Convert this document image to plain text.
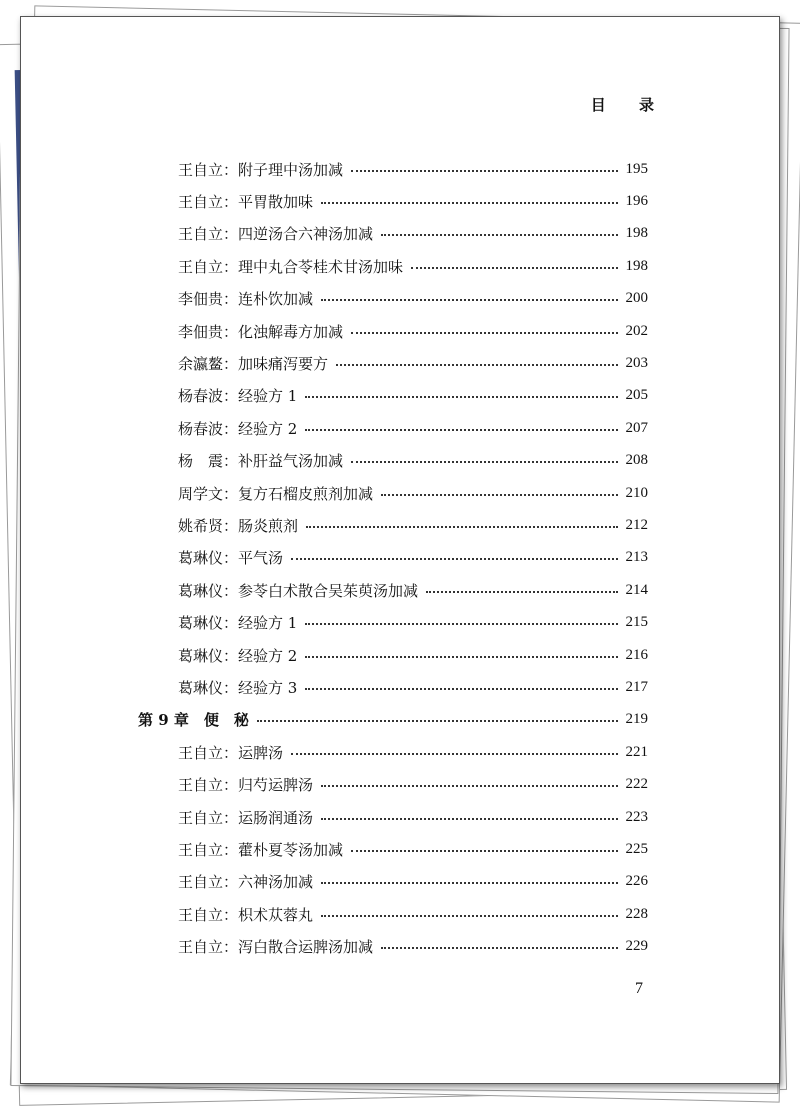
目 录
王自立 ： 附子理中汤加减	195
王自立 ： 平胃散加味	196
王自立 ： 四逆汤合六神汤加减	198
王自立 ： 理中丸合苓桂术甘汤加味	198
李佃贵 ： 连朴饮加减	200
李佃贵 ： 化浊解毒方加减	202
余瀛鳌 ： 加味痛泻要方	203
杨春波 ： 经验方 1	205
杨春波 ： 经验方 2	207
杨　震 ： 补肝益气汤加减	208
周学文 ： 复方石榴皮煎剂加减	210
姚希贤 ： 肠炎煎剂	212
葛琳仪 ： 平气汤	213
葛琳仪 ： 参苓白术散合吴茱萸汤加减	214
葛琳仪 ： 经验方 1	215
葛琳仪 ： 经验方 2	216
葛琳仪 ： 经验方 3	217
第 9 章　便　秘	219
王自立 ： 运脾汤	221
王自立 ： 归芍运脾汤	222
王自立 ： 运肠润通汤	223
王自立 ： 藿朴夏苓汤加减	225
王自立 ： 六神汤加减	226
王自立 ： 枳术苁蓉丸	228
王自立 ： 泻白散合运脾汤加减	229
7
